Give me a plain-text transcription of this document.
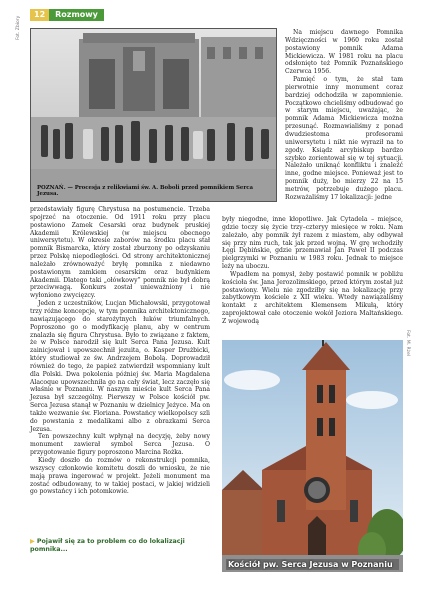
12	Rozmowy
Fot. Zbiory
POZNAŃ. — Procesja z relikwiami św. A. Boboli przed pomnikiem Serca Jezusa.

Na miejscu dawnego Pomnika Wdzięczności w 1960 roku został postawiony pomnik Adama Mickiewicza. W 1981 roku na placu odsłonięto też Pomnik Poznańskiego Czerwca 1956.

Pamięć o tym, że stał tam pierwotnie inny monument coraz bardziej odchodziła w zapomnienie. Początkowo chcieliśmy odbudować go w starym miejscu, uważając, że pomnik Adama Mickiewicza można przesunąć. Rozmawialiśmy z ponad dwudziestoma profesorami uniwersytetu i nikt nie wyraził na to zgody. Ksiądz arcybiskup bardzo szybko zorientował się w tej sytuacji. Należało uniknąć konfliktu i znaleźć inne, godne miejsce. Ponieważ jest to pomnik duży, bo mierzy 22 na 15 metrów, potrzebuje dużego placu. Rozważaliśmy 17 lokalizacji: jedne

przedstawiały figurę Chrystusa na postumencie. Trzeba spojrzeć na otoczenie. Od 1911 roku przy placu postawiono Zamek Cesarski oraz budynek pruskiej Akademii Królewskiej (w miejscu obecnego uniwersytetu). W okresie zaborów na środku placu stał pomnik Bismarcka, który został zburzony po odzyskaniu przez Polskę niepodległości. Od strony architektonicznej należało zrównoważyć bryłę pomnika z niedawno postawionym zamkiem cesarskim oraz budynkiem Akademii. Dlatego taki „ołówkowy” pomnik nie był dobrą przeciwwagą. Konkurs został unieważniony i nie wyłoniono zwycięzcy.

Jeden z uczestników, Lucjan Michałowski, przygotował trzy różne koncepcje, w tym pomnika architektonicznego, nawiązującego do starożytnych łuków triumfalnych. Poproszono go o modyfikację planu, aby w centrum znalazła się figura Chrystusa. Było to związane z faktem, że w Polsce narodził się kult Serca Pana Jezusa. Kult zainicjował i upowszechnił jezuita, o. Kasper Drużbicki, który studiował ze św. Andrzejem Bobolą. Doprowadził również do tego, że papież zatwierdził wspomniany kult dla Polski. Dwa pokolenia później św. Maria Magdalena Alacoque upowszechniła go na cały świat, lecz zaczęło się właśnie w Poznaniu. W naszym mieście kult Serca Pana Jezusa był szczególny. Pierwszy w Polsce kościół pw. Serca Jezusa stanął w Poznaniu w dzielnicy Jeżyce. Ma on także wezwanie św. Floriana. Powstańcy wielkopolscy szli do powstania z medalikami albo z obrazkami Serca Jezusa.

Ten powszechny kult wpłynął na decyzję, żeby nowy monument zawierał symbol Serca Jezusa. O przygotowanie figury poproszono Marcina Rożka.

Kiedy doszło do rozmów o rekonstrukcji pomnika, wszyscy członkowie komitetu doszli do wniosku, że nie mają prawa ingerować w projekt. Jeżeli monument ma zostać odbudowany, to w takiej postaci, w jakiej widzieli go powstańcy i ich potomkowie.

były niegodne, inne kłopotliwe. Jak Cytadela – miejsce, gdzie toczy się życie trzy–czteryy miesięce w roku. Nam zależało, aby pomnik żył razem z miastem, aby odbywał się przy nim ruch, tak jak przed wojną. W grę wchodziły Łęgi Dębińskie, gdzie przemawiał Jan Paweł II podczas pielgrzymki w Poznaniu w 1983 roku. Jednak to miejsce leży na uboczu.

Wpadłem na pomysł, żeby postawić pomnik w pobliżu kościoła św. Jana Jerozolimskiego, przed którym został już postawiony. Wielu nie zgodziłby się na lokalizację przy zabytkowym kościele z XII wieku. Wtedy nawiązaliśmy kontakt z architektem Klemensem Mikułą, który zaprojektował całe otoczenie wokół Jeziora Maltańskiego. Z wojewodą

Fot. M. Rżel
Kościół pw. Serca Jezusa w Poznaniu
▶ Pojawił się za to problem co do lokalizacji pomnika...
